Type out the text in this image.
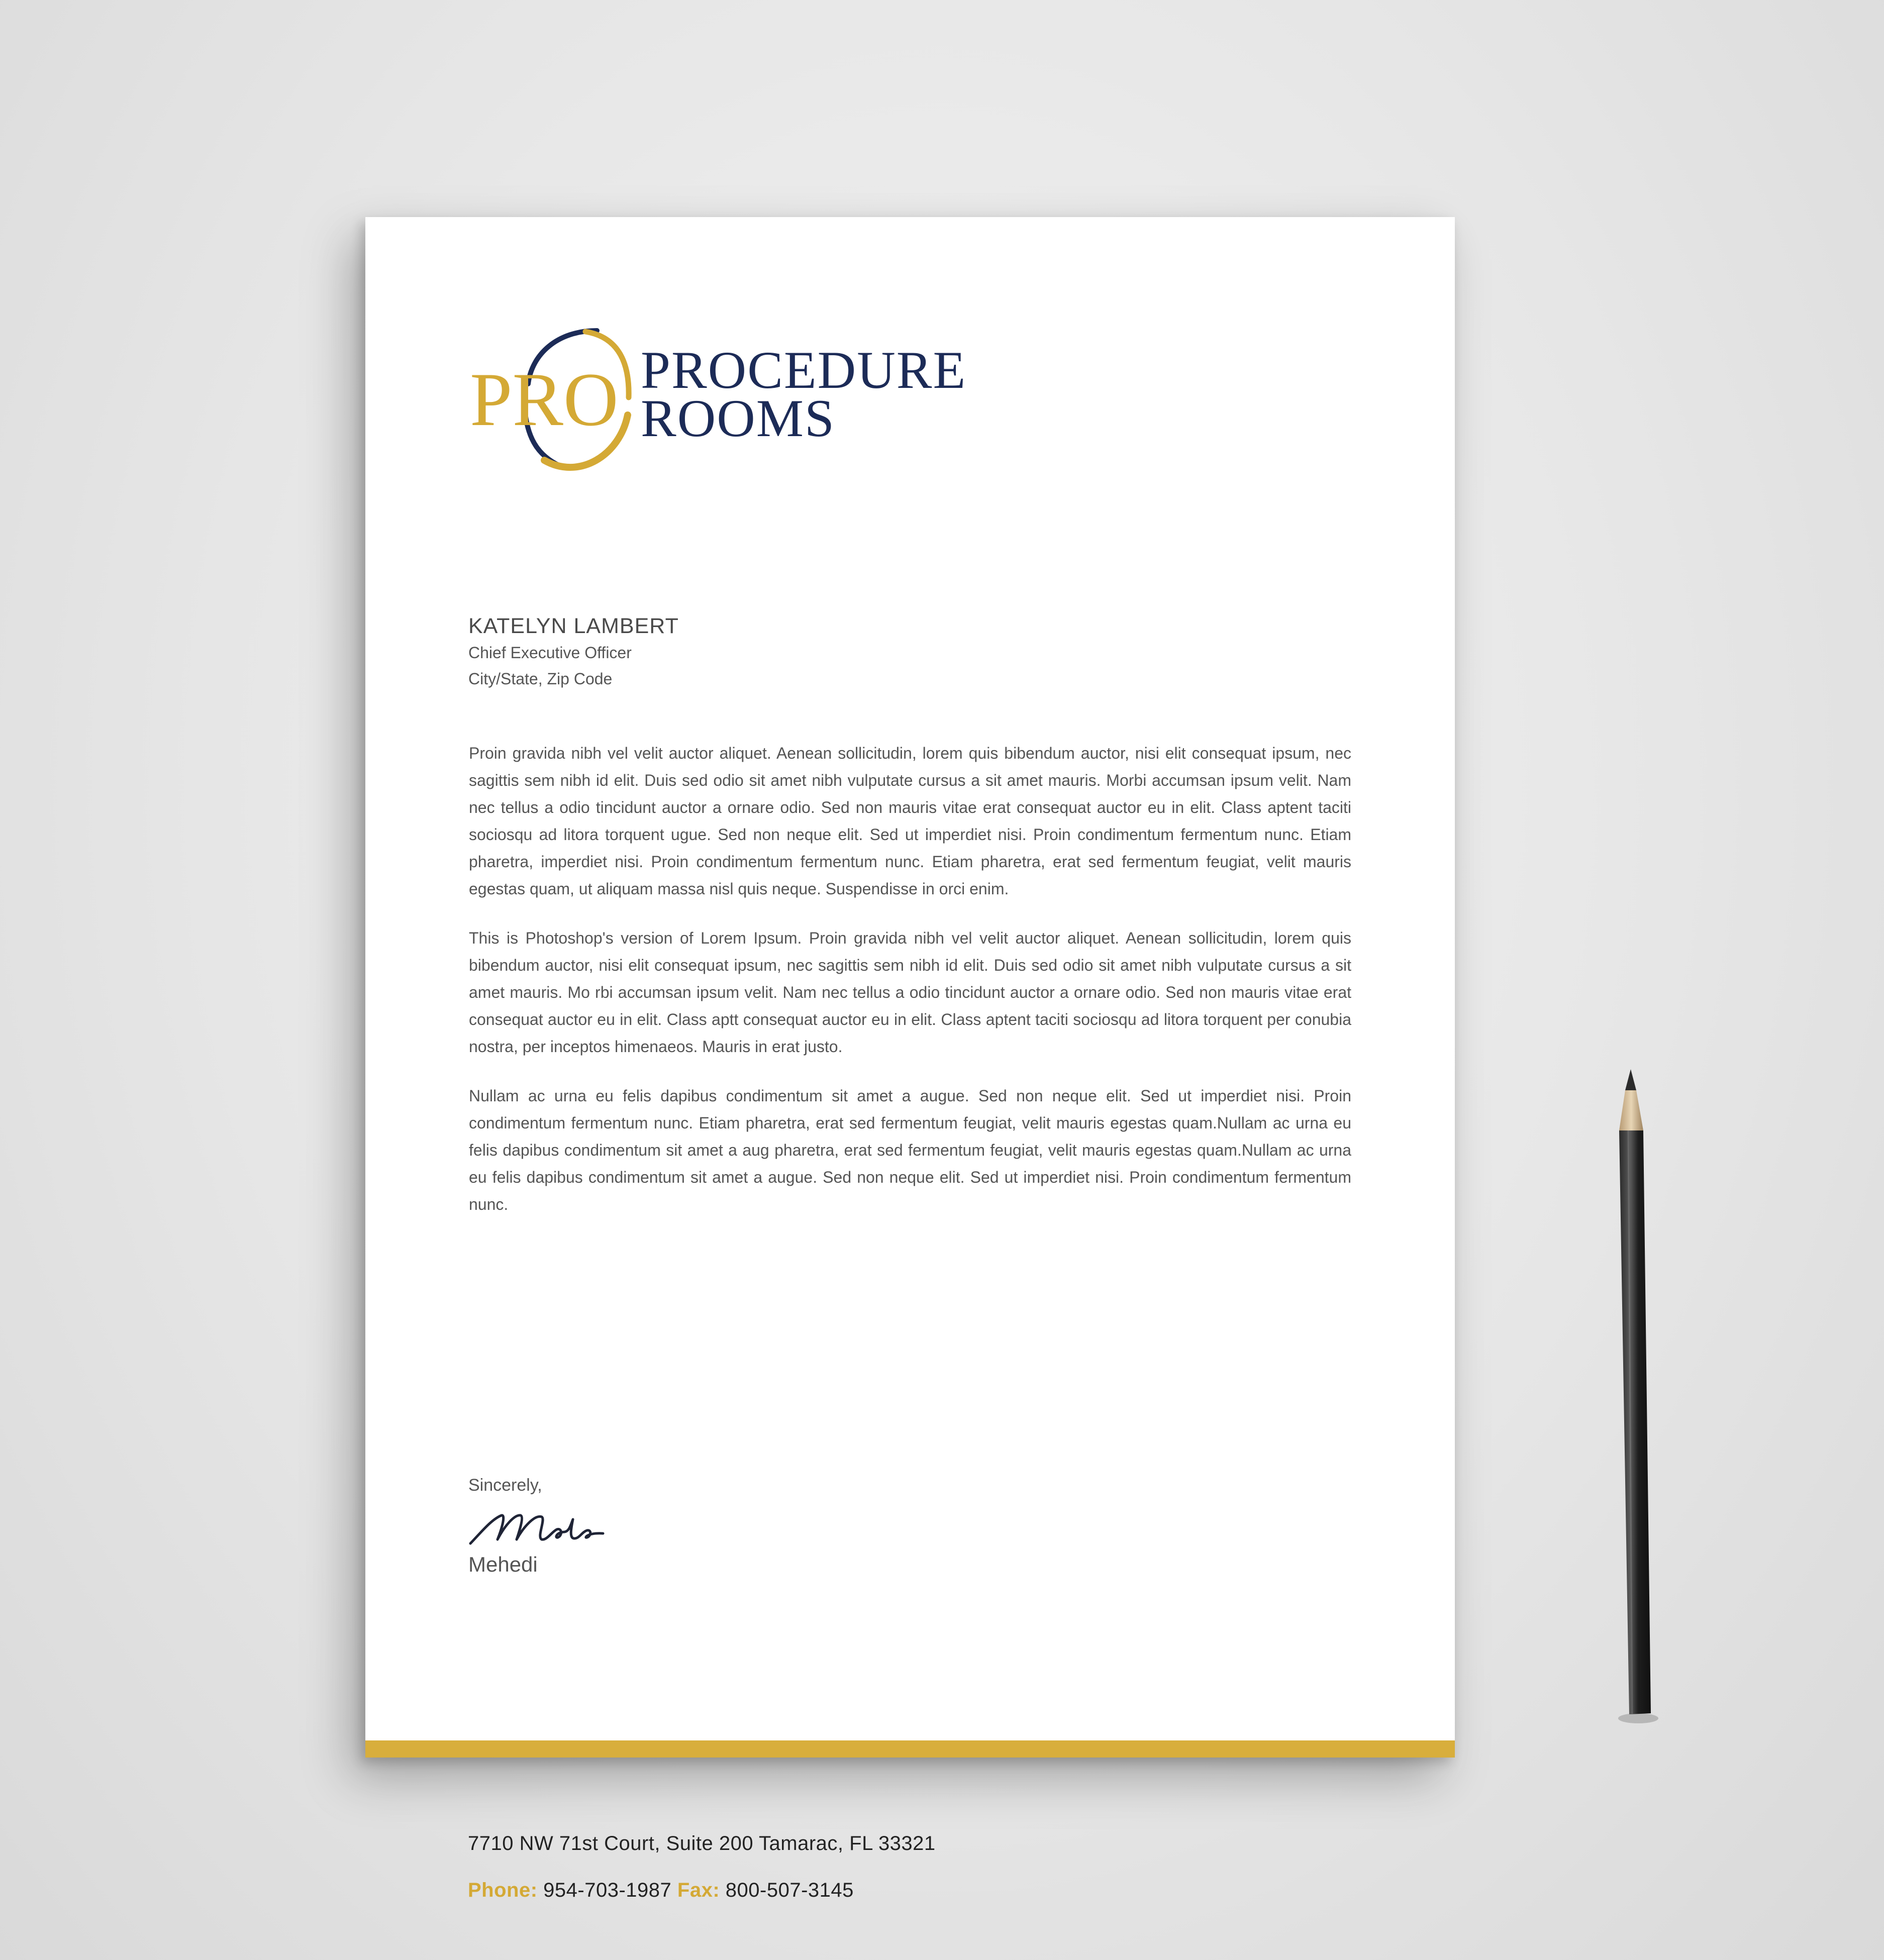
PRO PROCEDURE
ROOMS

KATELYN LAMBERT

Chief Executive Officer

City/State, Zip Code

Proin gravida nibh vel velit auctor aliquet. Aenean sollicitudin, lorem quis bibendum auctor, nisi elit consequat ipsum, nec sagittis sem nibh id elit. Duis sed odio sit amet nibh vulputate cursus a sit amet mauris. Morbi accumsan ipsum velit. Nam nec tellus a odio tincidunt auctor a ornare odio. Sed non mauris vitae erat consequat auctor eu in elit. Class aptent taciti sociosqu ad litora torquent ugue. Sed non neque elit. Sed ut imperdiet nisi. Proin condimentum fermentum nunc. Etiam pharetra, imperdiet nisi. Proin condimentum fermentum nunc. Etiam pharetra, erat sed fermentum feugiat, velit mauris egestas quam, ut aliquam massa nisl quis neque. Suspendisse in orci enim.

This is Photoshop's version of Lorem Ipsum. Proin gravida nibh vel velit auctor aliquet. Aenean sollicitudin, lorem quis bibendum auctor, nisi elit consequat ipsum, nec sagittis sem nibh id elit. Duis sed odio sit amet nibh vulputate cursus a sit amet mauris. Mo rbi accumsan ipsum velit. Nam nec tellus a odio tincidunt auctor a ornare odio. Sed non mauris vitae erat consequat auctor eu in elit. Class aptt consequat auctor eu in elit. Class aptent taciti sociosqu ad litora torquent per conubia nostra, per inceptos himenaeos. Mauris in erat justo.

Nullam ac urna eu felis dapibus condimentum sit amet a augue. Sed non neque elit. Sed ut imperdiet nisi. Proin condimentum fermentum nunc. Etiam pharetra, erat sed fermentum feugiat, velit mauris egestas quam.Nullam ac urna eu felis dapibus condimentum sit amet a aug pharetra, erat sed fermentum feugiat, velit mauris egestas quam.Nullam ac urna eu felis dapibus condimentum sit amet a augue. Sed non neque elit. Sed ut imperdiet nisi. Proin condimentum fermentum nunc.

Sincerely,

Mehedi

7710 NW 71st Court, Suite 200 Tamarac, FL 33321

Phone: 954-703-1987 Fax: 800-507-3145
